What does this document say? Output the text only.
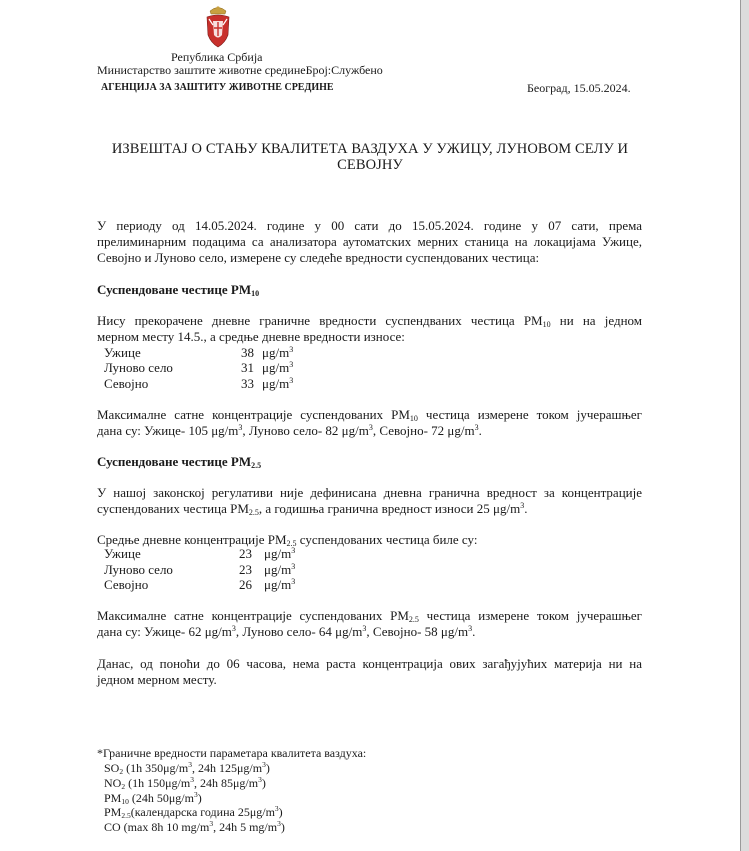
Република Србија
Министарство заштите животне срединеБрој:Службено
АГЕНЦИЈА ЗА ЗАШТИТУ ЖИВОТНЕ СРЕДИНЕ	Београд, 15.05.2024.
ИЗВЕШТАЈ О СТАЊУ КВАЛИТЕТА ВАЗДУХА У УЖИЦУ, ЛУНОВОМ СЕЛУ И
СЕВОЈНУ
У периоду од 14.05.2024. године у 00 сати до 15.05.2024. године у 07 сати, према
прелиминарним подацима са анализатора аутоматских мерних станица на локацијама Ужице,
Севојно и Луново село, измерене су следеће вредности суспендованих честица:
Суспендоване честице $PM_{10}$
Нису прекорачене дневне граничне вредности суспендваних честица $PM_{10}$ ни на једном
мерном месту 14.5., а средње дневне вредности износе:
Ужице	38 $\mu g/m^3$
Луново село	31 $\mu g/m^3$
Севојно	33 $\mu g/m^3$
Максималне сатне концентрације суспендованих $PM_{10}$ честица измерене током јучерашњег
дана су: Ужице- 105 $\mu g/m^3$, Луново село- 82 $\mu g/m^3$, Севојно- 72 $\mu g/m^3$.
Суспендоване честице $PM_{2.5}$
У нашој законској регулативи није дефинисана дневна гранична вредност за концентрације
суспендованих честица $PM_{2.5}$, а годишња гранична вредност износи 25 $\mu g/m^3$.
Средње дневне концентрације $PM_{2.5}$ суспендованих честица биле су:
Ужице	23 $\mu g/m^3$
Луново село	23 $\mu g/m^3$
Севојно	26 $\mu g/m^3$
Максималне сатне концентрације суспендованих $PM_{2.5}$ честица измерене током јучерашњег
дана су: Ужице- 62 $\mu g/m^3$, Луново село- 64 $\mu g/m^3$, Севојно- 58 $\mu g/m^3$.
Данас, од поноћи до 06 часова, нема раста концентрација ових загађујућих материја ни на
једном мерном месту.
*Граничне вредности параметара квалитета ваздуха:
$SO_2$ (1h $350\mu g/m^3$, 24h $125\mu g/m^3$)
$NO_2$ (1h $150\mu g/m^3$, 24h $85\mu g/m^3$)
$PM_{10}$ (24h $50\mu g/m^3$)
$PM_{2.5}(календарска$ година $25\mu g/m^3$)
CO (max 8h 10 $mg/m^3$, 24h 5 $mg/m^3$)
